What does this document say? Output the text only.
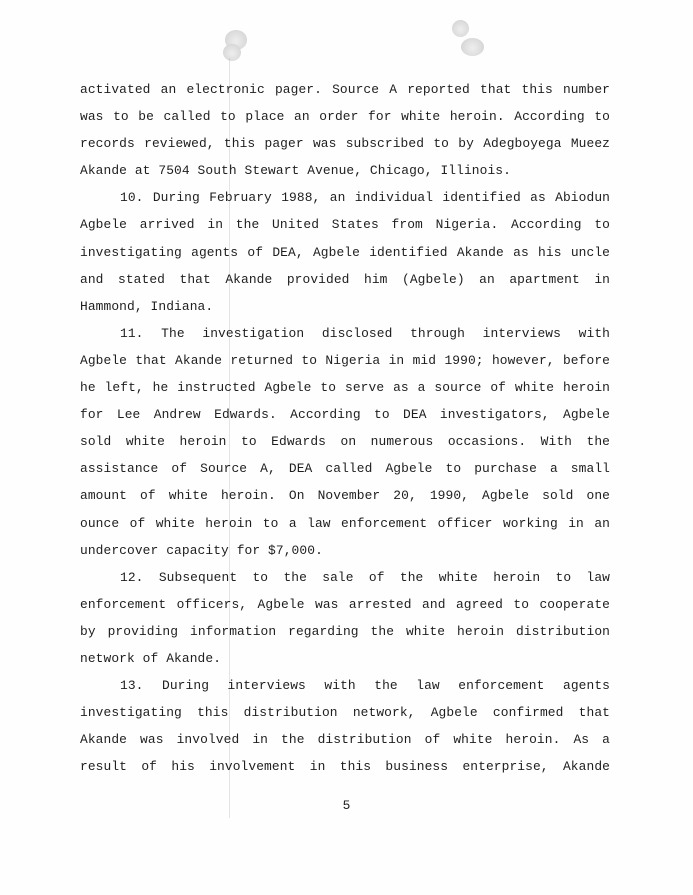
activated an electronic pager. Source A reported that this number
was to be called to place an order for white heroin. According to
records reviewed, this pager was subscribed to by Adegboyega Mueez
Akande at 7504 South Stewart Avenue, Chicago, Illinois.
10. During February 1988, an individual identified as Abiodun
Agbele arrived in the United States from Nigeria. According to
investigating agents of DEA, Agbele identified Akande as his uncle
and stated that Akande provided him (Agbele) an apartment in
Hammond, Indiana.
11. The investigation disclosed through interviews with
Agbele that Akande returned to Nigeria in mid 1990; however, before
he left, he instructed Agbele to serve as a source of white heroin
for Lee Andrew Edwards. According to DEA investigators, Agbele
sold white heroin to Edwards on numerous occasions. With the
assistance of Source A, DEA called Agbele to purchase a small
amount of white heroin. On November 20, 1990, Agbele sold one
ounce of white heroin to a law enforcement officer working in an
undercover capacity for $7,000.
12. Subsequent to the sale of the white heroin to law
enforcement officers, Agbele was arrested and agreed to cooperate
by providing information regarding the white heroin distribution
network of Akande.
13. During interviews with the law enforcement agents
investigating this distribution network, Agbele confirmed that
Akande was involved in the distribution of white heroin. As a
result of his involvement in this business enterprise, Akande
5
